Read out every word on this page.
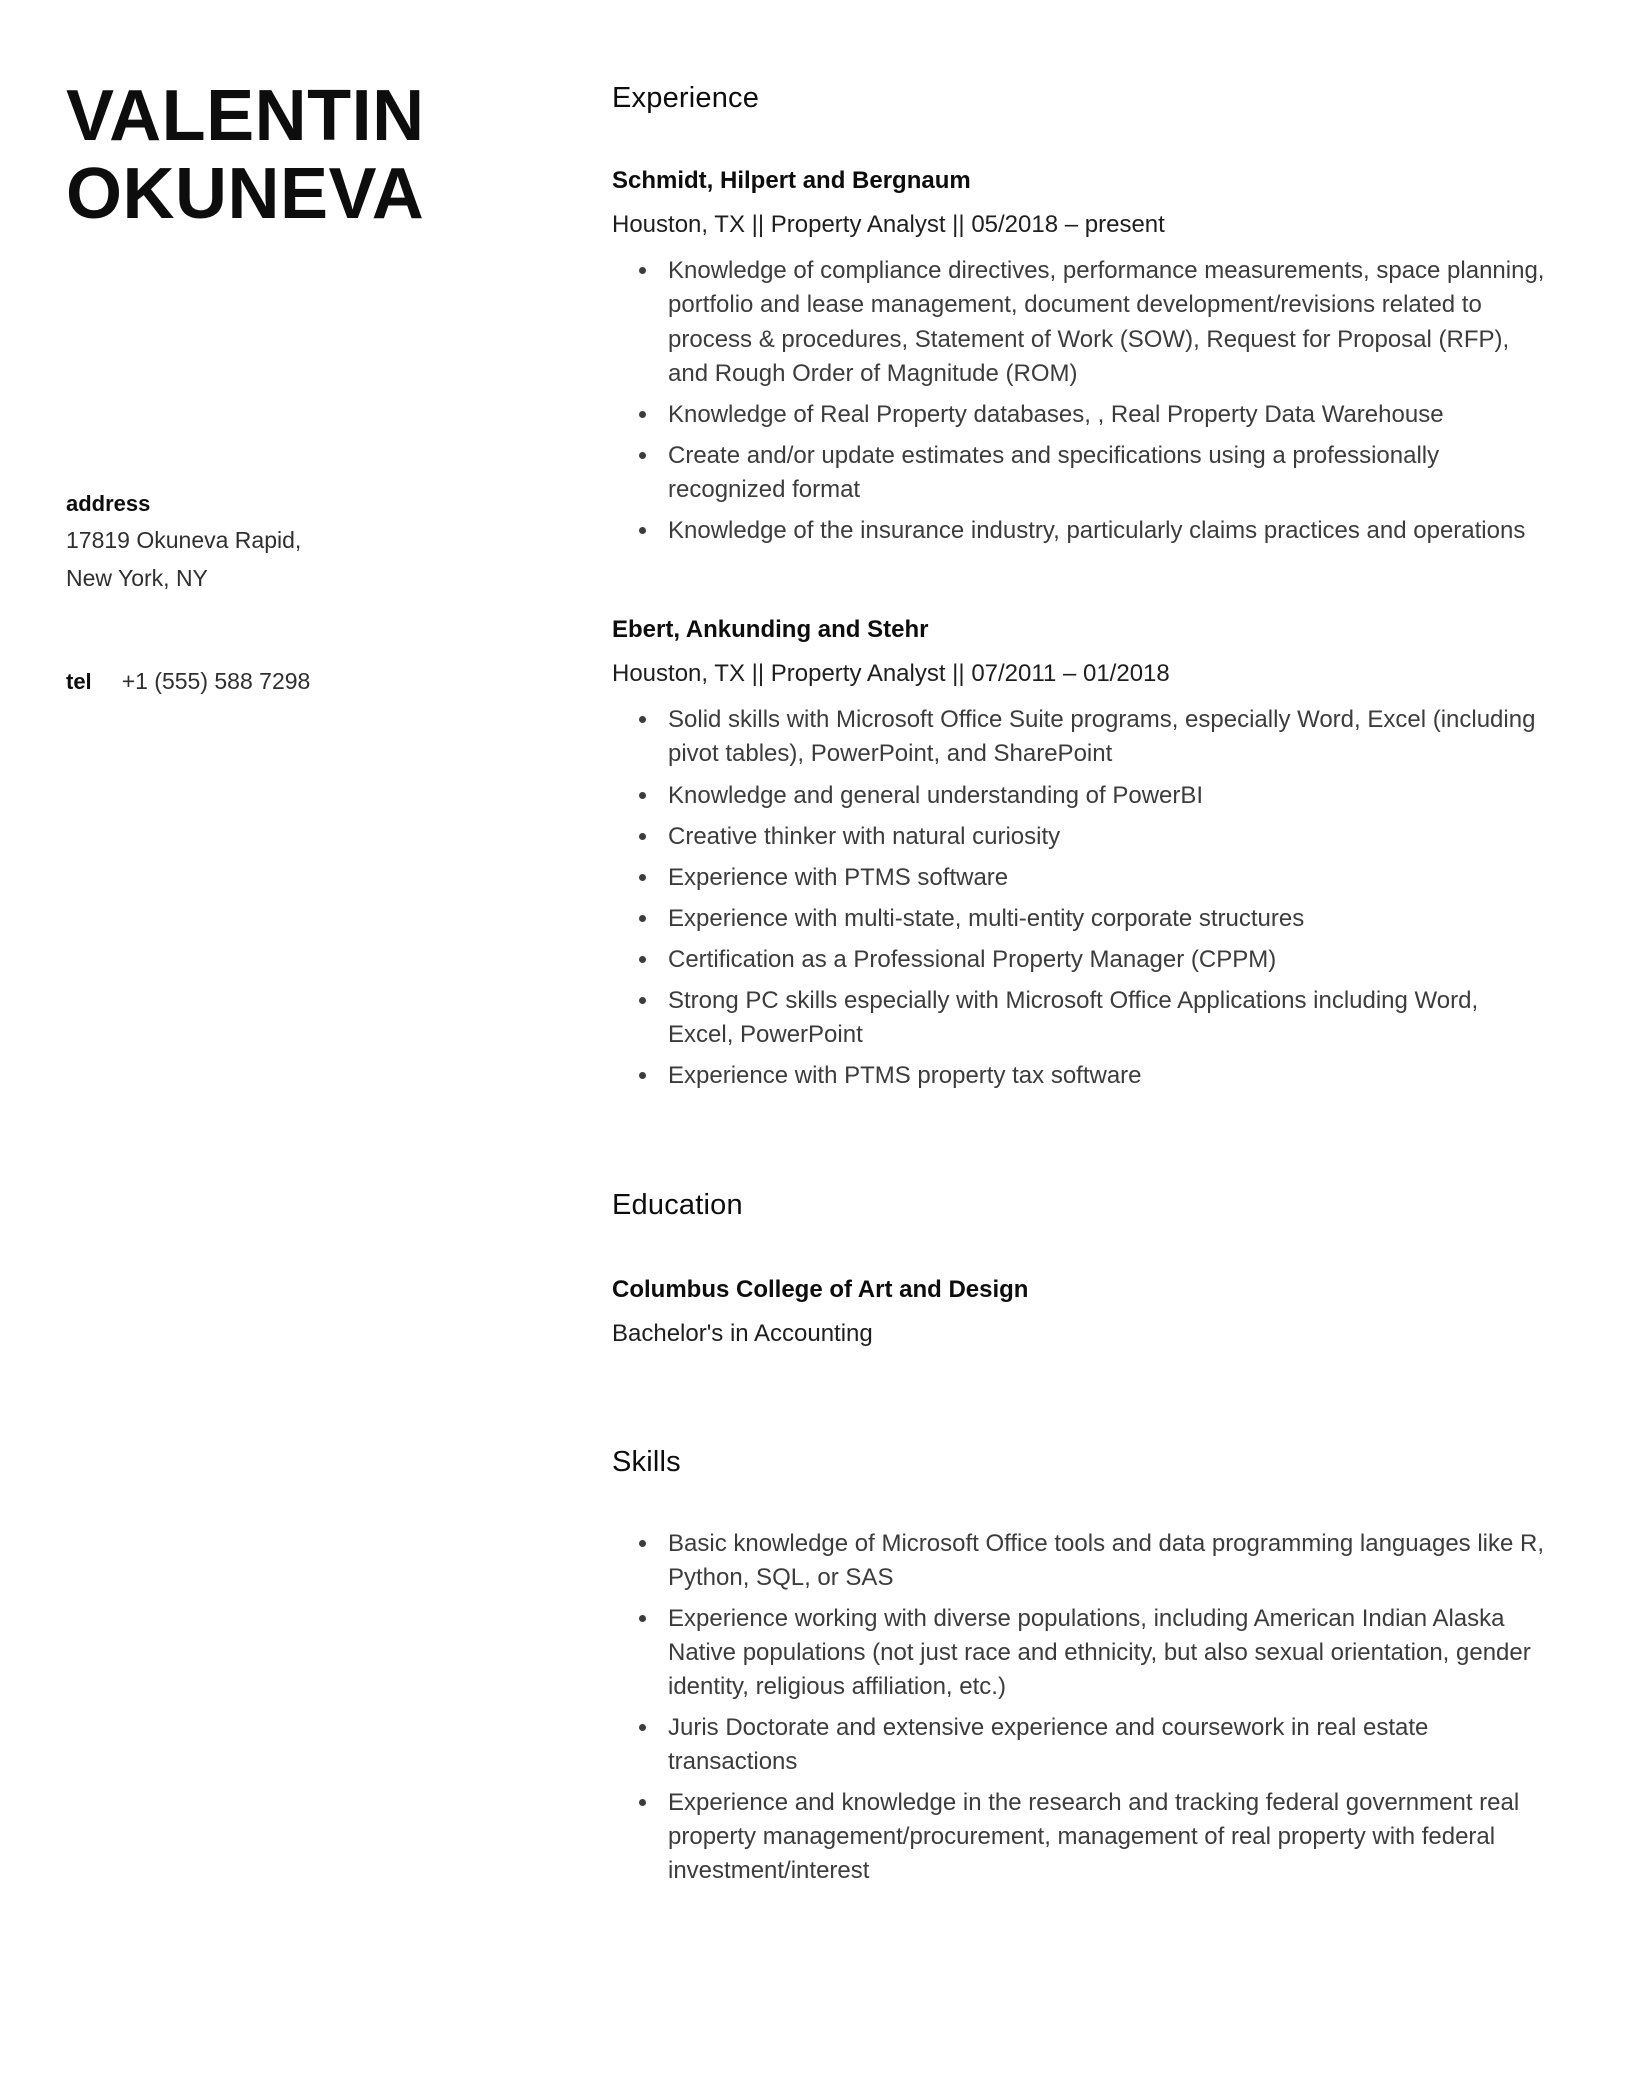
VALENTIN
OKUNEVA
address
17819 Okuneva Rapid,
New York, NY
tel +1 (555) 588 7298
Experience
Schmidt, Hilpert and Bergnaum
Houston, TX || Property Analyst || 05/2018 – present
• Knowledge of compliance directives, performance measurements, space planning, portfolio and lease management, document development/revisions related to process & procedures, Statement of Work (SOW), Request for Proposal (RFP), and Rough Order of Magnitude (ROM)
• Knowledge of Real Property databases, , Real Property Data Warehouse
• Create and/or update estimates and specifications using a professionally recognized format
• Knowledge of the insurance industry, particularly claims practices and operations
Ebert, Ankunding and Stehr
Houston, TX || Property Analyst || 07/2011 – 01/2018
• Solid skills with Microsoft Office Suite programs, especially Word, Excel (including pivot tables), PowerPoint, and SharePoint
• Knowledge and general understanding of PowerBI
• Creative thinker with natural curiosity
• Experience with PTMS software
• Experience with multi-state, multi-entity corporate structures
• Certification as a Professional Property Manager (CPPM)
• Strong PC skills especially with Microsoft Office Applications including Word, Excel, PowerPoint
• Experience with PTMS property tax software
Education
Columbus College of Art and Design
Bachelor's in Accounting
Skills
• Basic knowledge of Microsoft Office tools and data programming languages like R, Python, SQL, or SAS
• Experience working with diverse populations, including American Indian Alaska Native populations (not just race and ethnicity, but also sexual orientation, gender identity, religious affiliation, etc.)
• Juris Doctorate and extensive experience and coursework in real estate transactions
• Experience and knowledge in the research and tracking federal government real property management/procurement, management of real property with federal investment/interest
